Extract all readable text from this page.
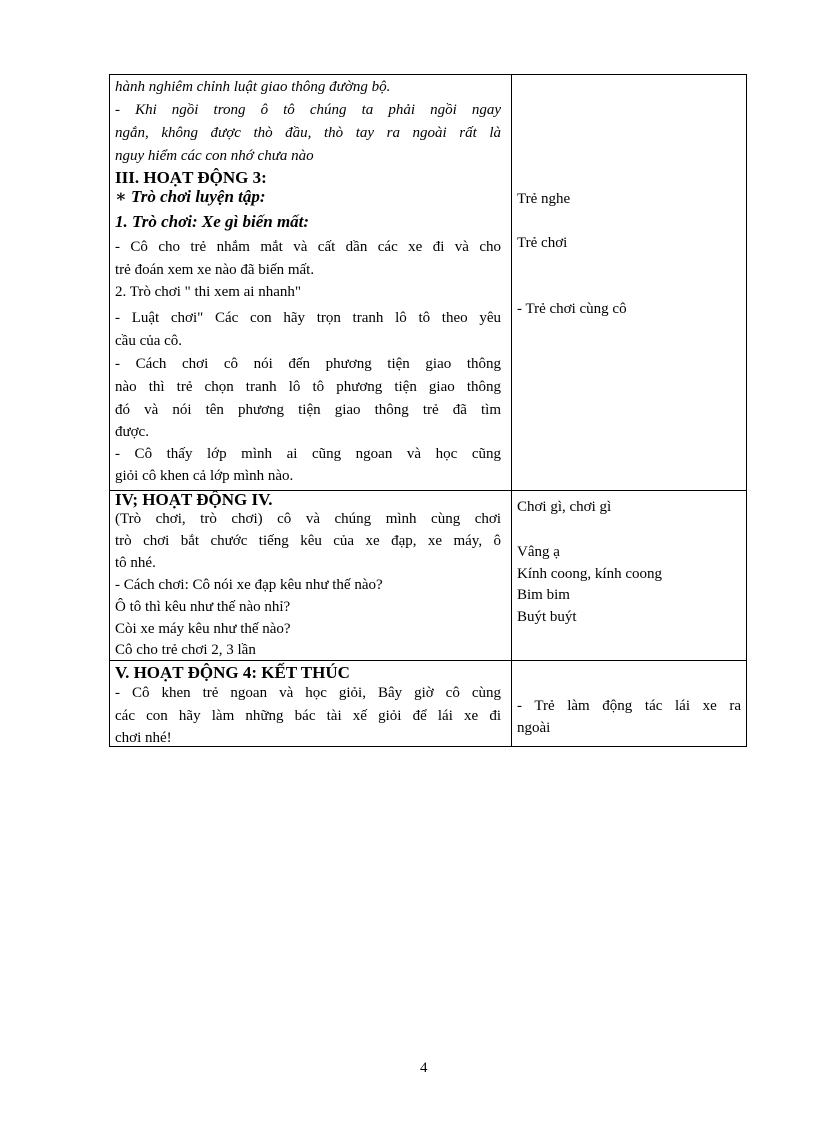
hành nghiêm chỉnh luật giao thông đường bộ.
- Khi ngồi trong ô tô chúng ta phải ngồi ngay
ngắn, không được thò đầu, thò tay ra ngoài rất là
nguy hiểm các con nhớ chưa nào
III. HOẠT ĐỘNG 3:
∗ Trò chơi luyện tập:
1. Trò chơi: Xe gì biến mất:
- Cô cho trẻ nhắm mắt và cất dần các xe đi và cho
trẻ đoán xem xe nào đã biến mất.
2. Trò chơi " thi xem ai nhanh"
- Luật chơi" Các con hãy trọn tranh lô tô theo yêu
cầu của cô.
- Cách chơi cô nói đến phương tiện giao thông
nào thì trẻ chọn tranh lô tô phương tiện giao thông
đó và nói tên phương tiện giao thông trẻ đã tìm
được.
- Cô thấy lớp mình ai cũng ngoan và học cũng
giỏi cô khen cả lớp mình nào.
IV; HOẠT ĐỘNG IV.
(Trò chơi, trò chơi) cô và chúng mình cùng chơi
trò chơi bắt chước tiếng kêu của xe đạp, xe máy, ô
tô nhé.
- Cách chơi: Cô nói xe đạp kêu như thế nào?
Ô tô thì kêu như thế nào nhỉ?
Còi xe máy kêu như thế nào?
Cô cho trẻ chơi 2, 3 lần
V. HOẠT ĐỘNG 4: KẾT THÚC
- Cô khen trẻ ngoan và học giỏi, Bây giờ cô cùng
các con hãy làm những bác tài xế giỏi để lái xe đi
chơi nhé!
Trẻ nghe
Trẻ chơi
- Trẻ chơi cùng cô
Chơi gì, chơi gì
Vâng ạ
Kính coong, kính coong
Bim bim
Buýt buýt
- Trẻ làm động tác lái xe ra
ngoài
4
